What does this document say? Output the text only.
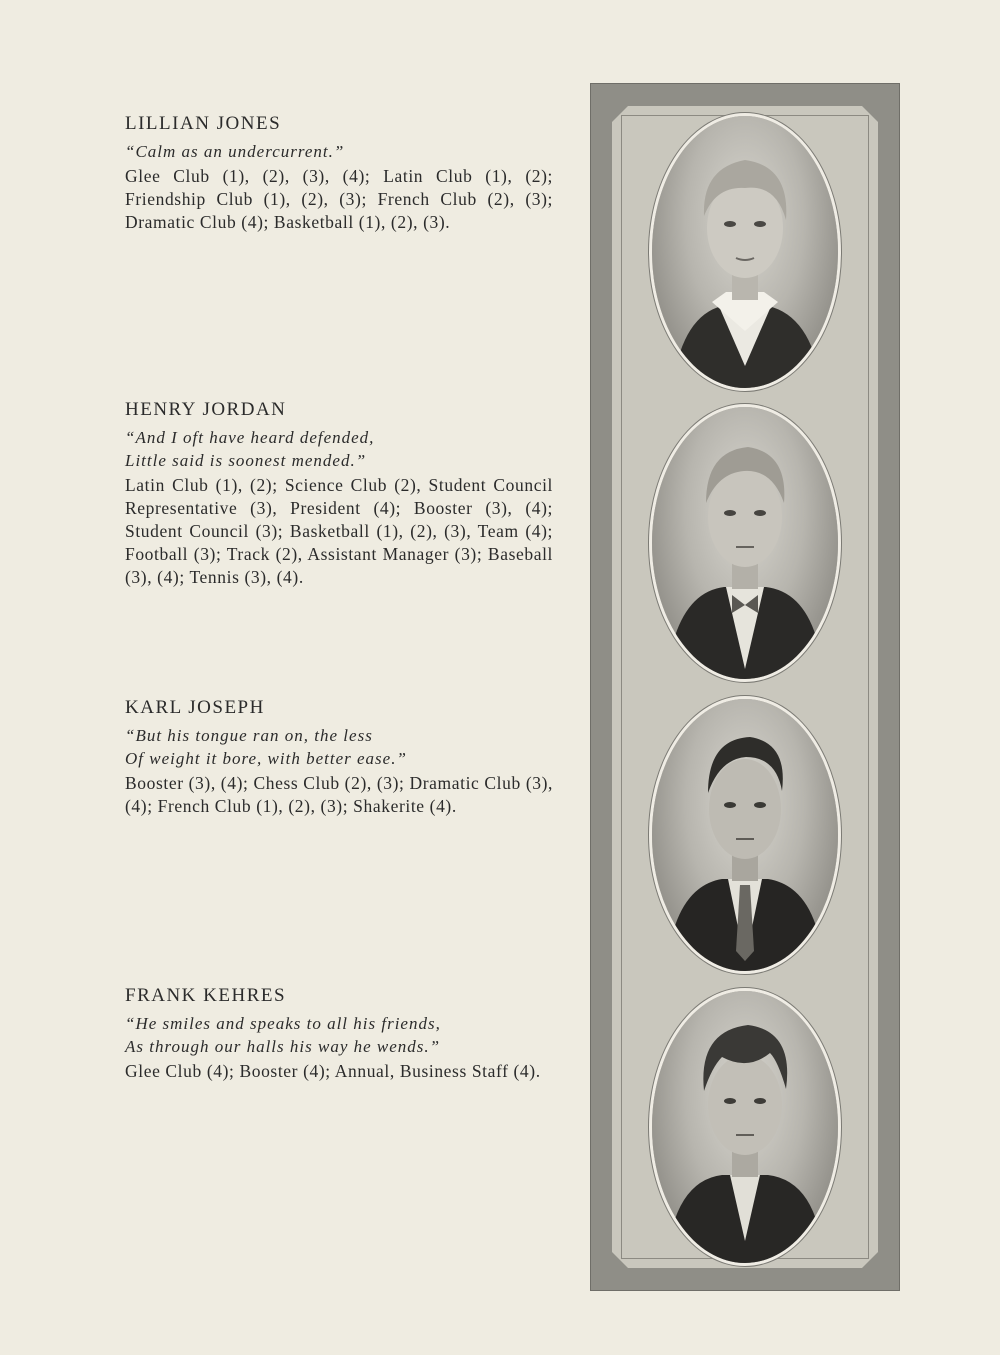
LILLIAN JONES
“Calm as an undercurrent.”

Glee Club (1), (2), (3), (4); Latin Club (1), (2); Friendship Club (1), (2), (3); French Club (2), (3); Dramatic Club (4); Basketball (1), (2), (3).

HENRY JORDAN
“And I oft have heard defended,
Little said is soonest mended.”

Latin Club (1), (2); Science Club (2), Student Council Representative (3), President (4); Booster (3), (4); Student Council (3); Basketball (1), (2), (3), Team (4); Football (3); Track (2), Assistant Manager (3); Baseball (3), (4); Tennis (3), (4).

KARL JOSEPH
“But his tongue ran on, the less
Of weight it bore, with better ease.”

Booster (3), (4); Chess Club (2), (3); Dramatic Club (3), (4); French Club (1), (2), (3); Shakerite (4).

FRANK KEHRES
“He smiles and speaks to all his friends,
As through our halls his way he wends.”

Glee Club (4); Booster (4); Annual, Business Staff (4).
